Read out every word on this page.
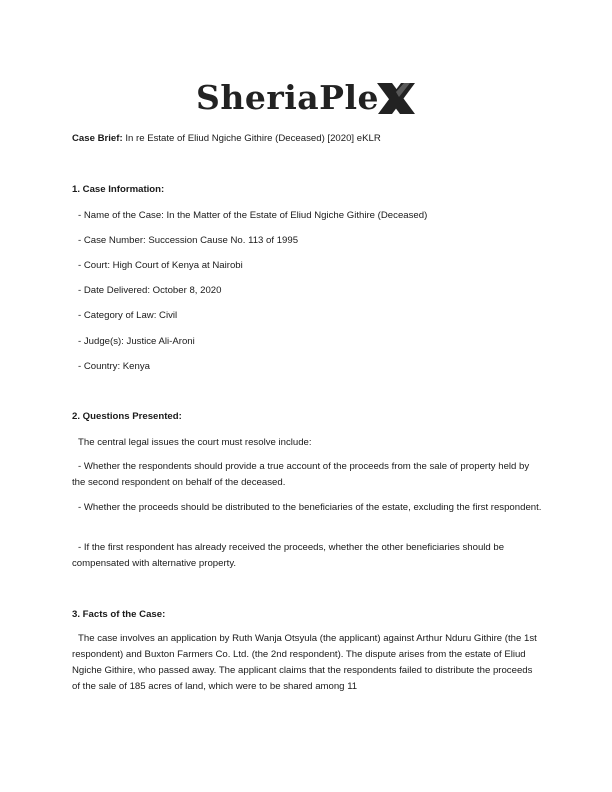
SheriaPle
Case Brief: In re Estate of Eliud Ngiche Githire (Deceased) [2020] eKLR
1. Case Information:
- Name of the Case: In the Matter of the Estate of Eliud Ngiche Githire (Deceased)
- Case Number: Succession Cause No. 113 of 1995
- Court: High Court of Kenya at Nairobi
- Date Delivered: October 8, 2020
- Category of Law: Civil
- Judge(s): Justice Ali-Aroni
- Country: Kenya
2. Questions Presented:
The central legal issues the court must resolve include:
- Whether the respondents should provide a true account of the proceeds from the sale of property held by the second respondent on behalf of the deceased.
- Whether the proceeds should be distributed to the beneficiaries of the estate, excluding the first respondent.
- If the first respondent has already received the proceeds, whether the other beneficiaries should be compensated with alternative property.
3. Facts of the Case:
The case involves an application by Ruth Wanja Otsyula (the applicant) against Arthur Nduru Githire (the 1st respondent) and Buxton Farmers Co. Ltd. (the 2nd respondent). The dispute arises from the estate of Eliud Ngiche Githire, who passed away. The applicant claims that the respondents failed to distribute the proceeds of the sale of 185 acres of land, which were to be shared among 11
